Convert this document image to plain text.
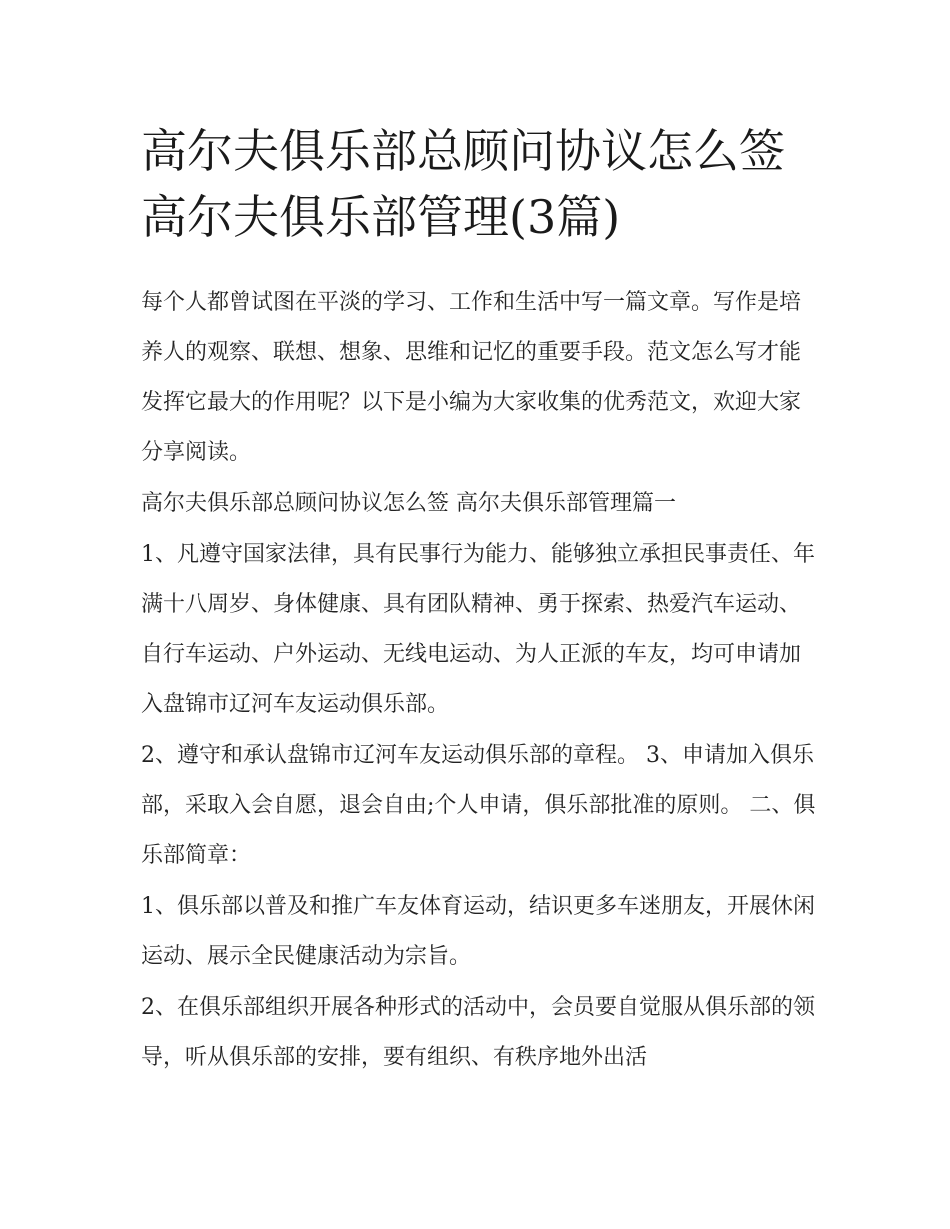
高尔夫俱乐部总顾问协议怎么签 高尔夫俱乐部管理(3篇)

每个人都曾试图在平淡的学习、工作和生活中写一篇文章。写作是培养人的观察、联想、想象、思维和记忆的重要手段。范文怎么写才能发挥它最大的作用呢？以下是小编为大家收集的优秀范文，欢迎大家分享阅读。

高尔夫俱乐部总顾问协议怎么签 高尔夫俱乐部管理篇一

1、凡遵守国家法律，具有民事行为能力、能够独立承担民事责任、年满十八周岁、身体健康、具有团队精神、勇于探索、热爱汽车运动、自行车运动、户外运动、无线电运动、为人正派的车友，均可申请加入盘锦市辽河车友运动俱乐部。

2、遵守和承认盘锦市辽河车友运动俱乐部的章程。 3、申请加入俱乐部，采取入会自愿，退会自由;个人申请，俱乐部批准的原则。 二、俱乐部简章：

1、俱乐部以普及和推广车友体育运动，结识更多车迷朋友，开展休闲运动、展示全民健康活动为宗旨。

2、在俱乐部组织开展各种形式的活动中，会员要自觉服从俱乐部的领导，听从俱乐部的安排，要有组织、有秩序地外出活
